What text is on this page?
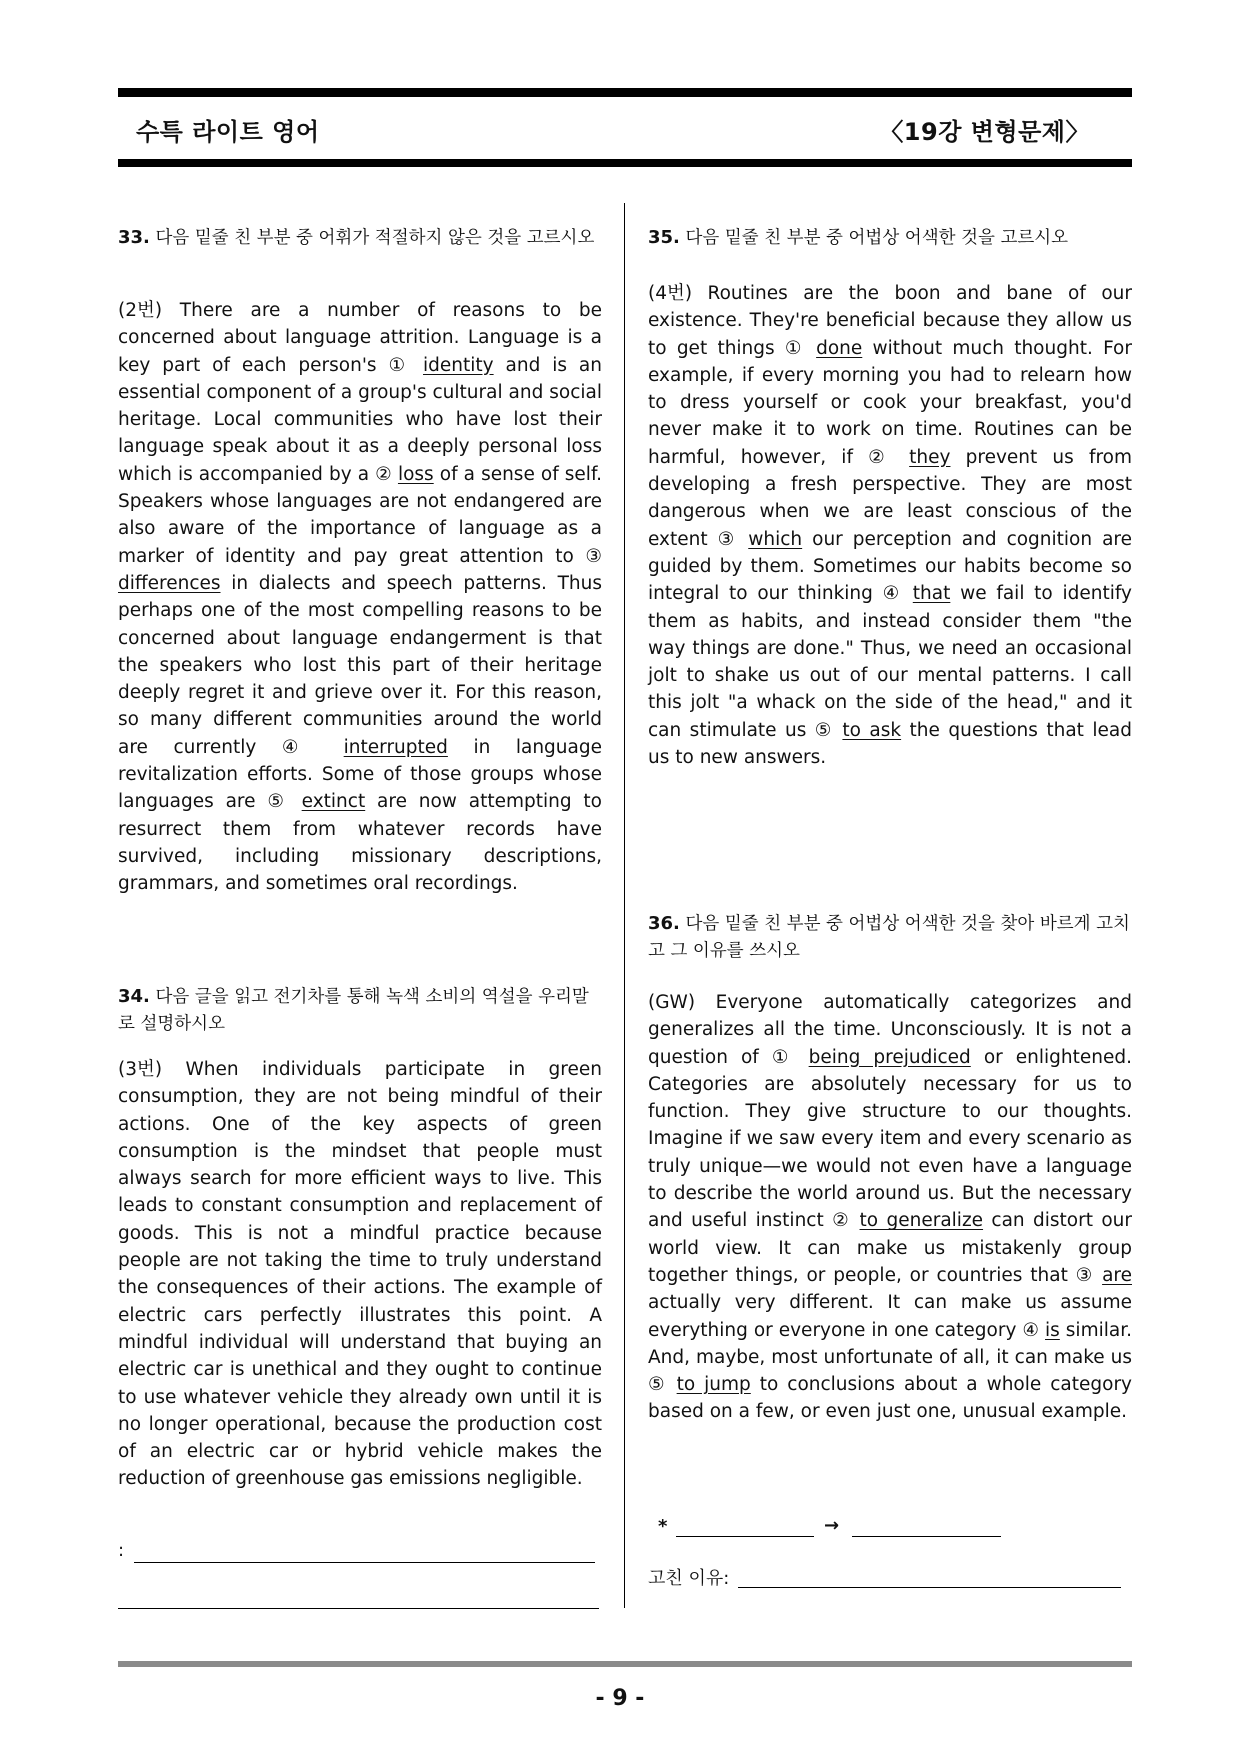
수특 라이트 영어	〈19강 변형문제〉
33. 다음 밑줄 친 부분 중 어휘가 적절하지 않은 것을 고르시오
(2번) There are a number of reasons to be concerned about language attrition. Language is a key part of each person's ① identity and is an essential component of a group's cultural and social heritage. Local communities who have lost their language speak about it as a deeply personal loss which is accompanied by a ② loss of a sense of self. Speakers whose languages are not endangered are also aware of the importance of language as a marker of identity and pay great attention to ③ differences in dialects and speech patterns. Thus perhaps one of the most compelling reasons to be concerned about language endangerment is that the speakers who lost this part of their heritage deeply regret it and grieve over it. For this reason, so many different communities around the world are currently ④ interrupted in language revitalization efforts. Some of those groups whose languages are ⑤ extinct are now attempting to resurrect them from whatever records have survived, including missionary descriptions, grammars, and sometimes oral recordings.
34. 다음 글을 읽고 전기차를 통해 녹색 소비의 역설을 우리말로 설명하시오
(3번) When individuals participate in green consumption, they are not being mindful of their actions. One of the key aspects of green consumption is the mindset that people must always search for more efficient ways to live. This leads to constant consumption and replacement of goods. This is not a mindful practice because people are not taking the time to truly understand the consequences of their actions. The example of electric cars perfectly illustrates this point. A mindful individual will understand that buying an electric car is unethical and they ought to continue to use whatever vehicle they already own until it is no longer operational, because the production cost of an electric car or hybrid vehicle makes the reduction of greenhouse gas emissions negligible.
:
35. 다음 밑줄 친 부분 중 어법상 어색한 것을 고르시오
(4번) Routines are the boon and bane of our existence. They're beneficial because they allow us to get things ① done without much thought. For example, if every morning you had to relearn how to dress yourself or cook your breakfast, you'd never make it to work on time. Routines can be harmful, however, if ② they prevent us from developing a fresh perspective. They are most dangerous when we are least conscious of the extent ③ which our perception and cognition are guided by them. Sometimes our habits become so integral to our thinking ④ that we fail to identify them as habits, and instead consider them "the way things are done." Thus, we need an occasional jolt to shake us out of our mental patterns. I call this jolt "a whack on the side of the head," and it can stimulate us ⑤ to ask the questions that lead us to new answers.
36. 다음 밑줄 친 부분 중 어법상 어색한 것을 찾아 바르게 고치고 그 이유를 쓰시오
(GW) Everyone automatically categorizes and generalizes all the time. Unconsciously. It is not a question of ① being prejudiced or enlightened. Categories are absolutely necessary for us to function. They give structure to our thoughts. Imagine if we saw every item and every scenario as truly unique—we would not even have a language to describe the world around us. But the necessary and useful instinct ② to generalize can distort our world view. It can make us mistakenly group together things, or people, or countries that ③ are actually very different. It can make us assume everything or everyone in one category ④ is similar. And, maybe, most unfortunate of all, it can make us ⑤ to jump to conclusions about a whole category based on a few, or even just one, unusual example.
*	→
고친 이유:
- 9 -
